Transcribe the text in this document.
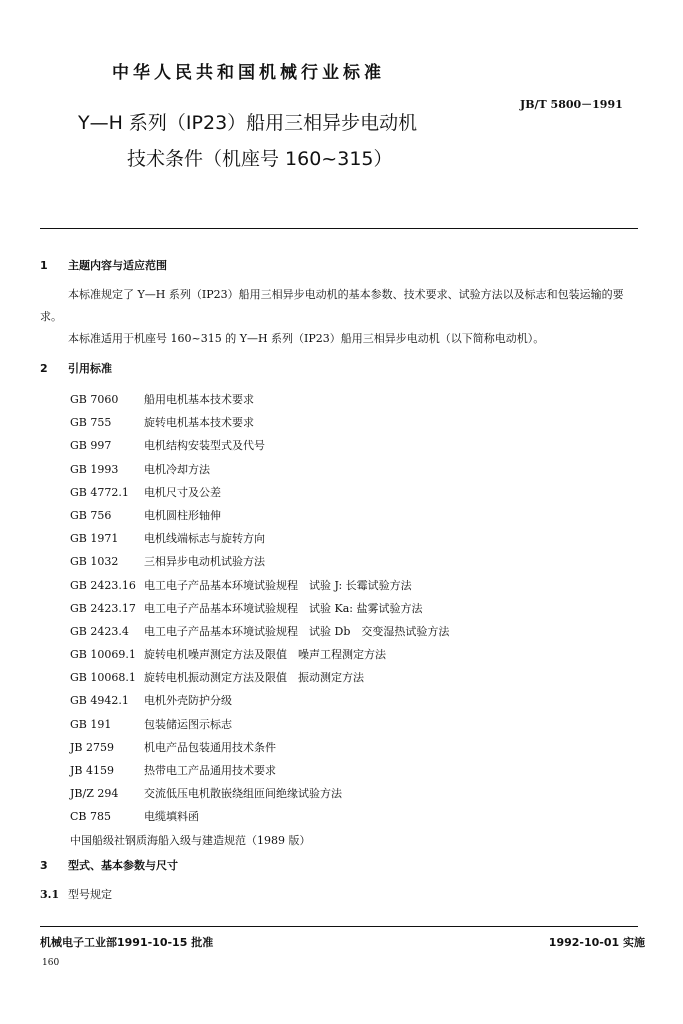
中华人民共和国机械行业标准
JB/T 5800－1991
Y—H 系列（IP23）船用三相异步电动机
技术条件（机座号 160~315）
1 主题内容与适应范围
本标准规定了 Y—H 系列（IP23）船用三相异步电动机的基本参数、技术要求、试验方法以及标志和包装运输的要求。
本标准适用于机座号 160~315 的 Y—H 系列（IP23）船用三相异步电动机（以下简称电动机）。
2 引用标准
GB 7060 船用电机基本技术要求
GB 755	旋转电机基本技术要求
GB 997	电机结构安装型式及代号
GB 1993 电机冷却方法
GB 4772.1 电机尺寸及公差
GB 756	电机圆柱形轴伸
GB 1971 电机线端标志与旋转方向
GB 1032 三相异步电动机试验方法
GB 2423.16 电工电子产品基本环境试验规程　试验 J: 长霉试验方法
GB 2423.17 电工电子产品基本环境试验规程　试验 Ka: 盐雾试验方法
GB 2423.4 电工电子产品基本环境试验规程　试验 Db　交变湿热试验方法
GB 10069.1 旋转电机噪声测定方法及限值　噪声工程测定方法
GB 10068.1 旋转电机振动测定方法及限值　振动测定方法
GB 4942.1 电机外壳防护分级
GB 191	包装储运图示标志
JB 2759	机电产品包装通用技术条件
JB 4159	热带电工产品通用技术要求
JB/Z 294 交流低压电机散嵌绕组匝间绝缘试验方法
CB 785	电缆填料函
中国船级社钢质海船入级与建造规范（1989 版）
3 型式、基本参数与尺寸
3.1 型号规定
机械电子工业部1991-10-15 批准	1992-10-01 实施
160
